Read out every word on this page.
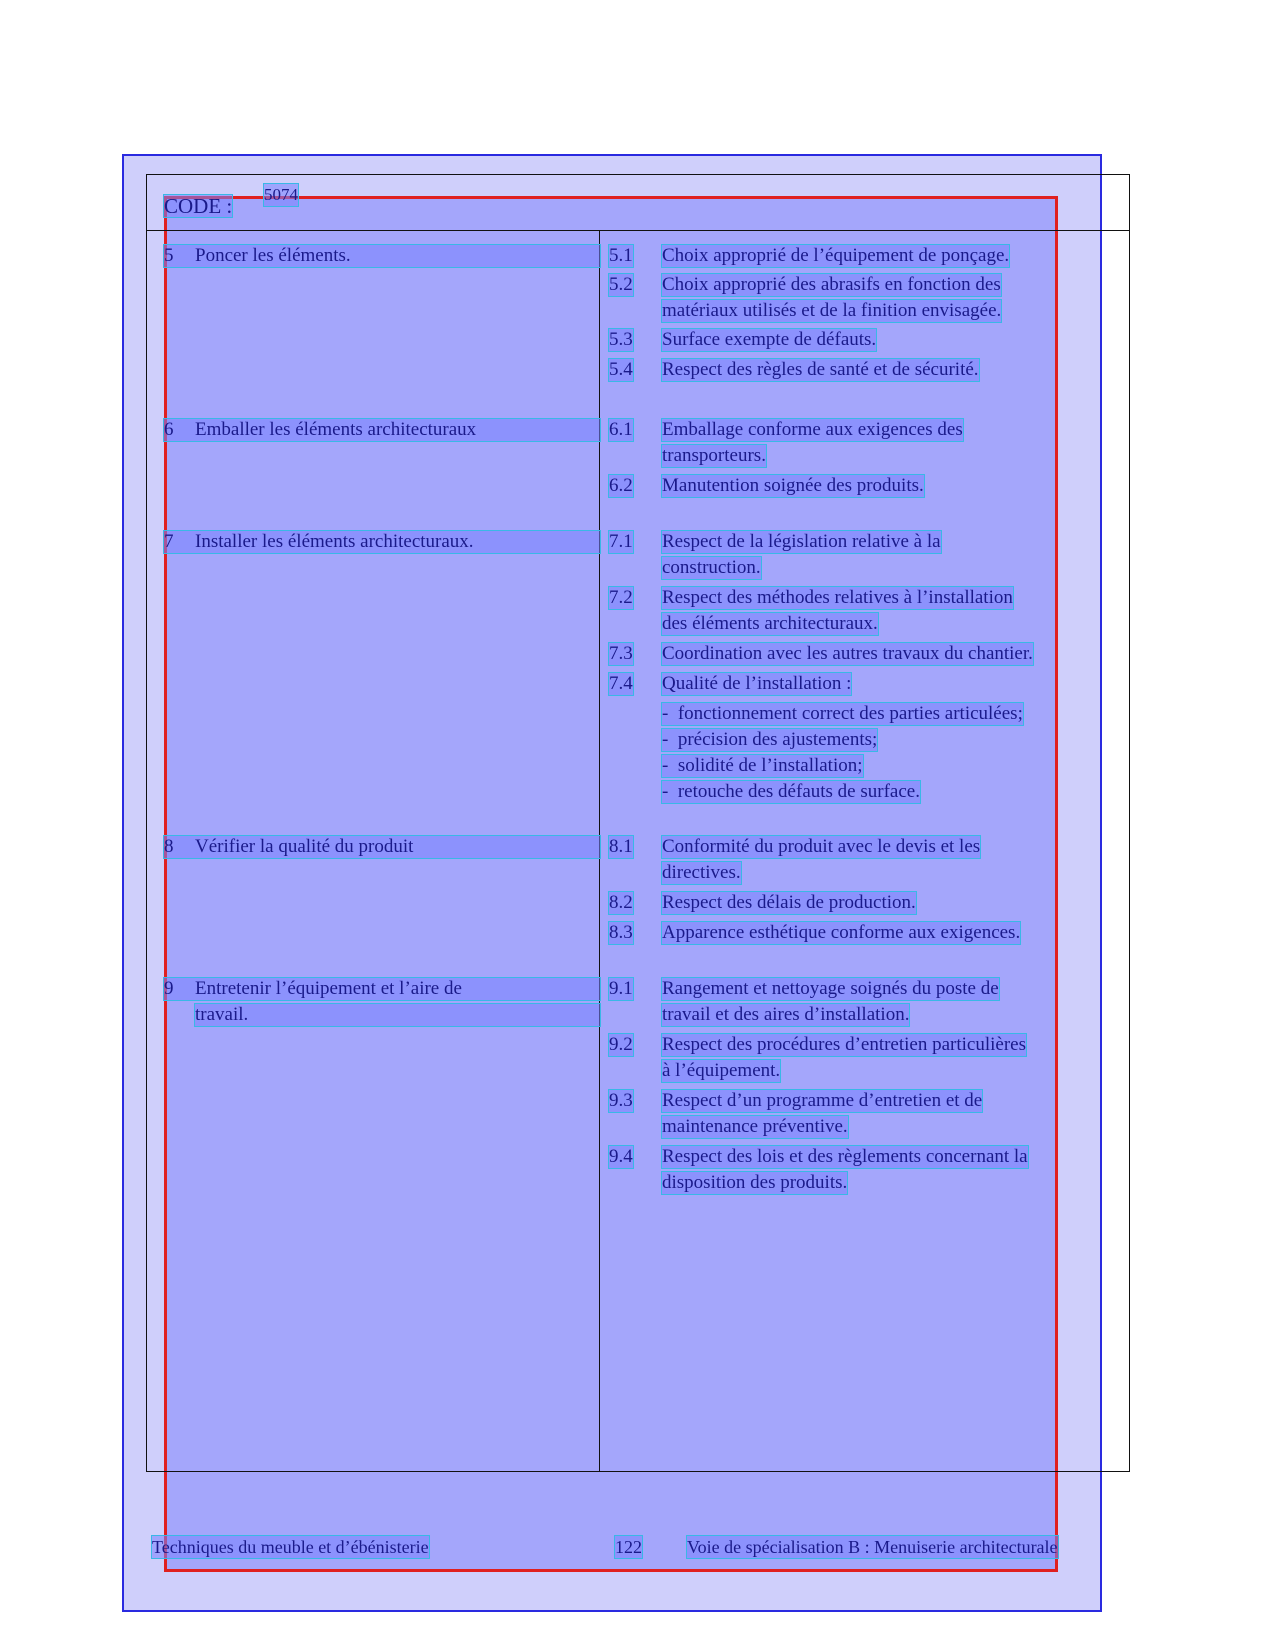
CODE : 5074
5 Poncer les éléments.	5.1 Choix approprié de l’équipement de ponçage.
5.2 Choix approprié des abrasifs en fonction des
matériaux utilisés et de la finition envisagée.
5.3 Surface exempte de défauts.
5.4 Respect des règles de santé et de sécurité.
6 Emballer les éléments architecturaux	6.1 Emballage conforme aux exigences des
transporteurs.
6.2 Manutention soignée des produits.
7 Installer les éléments architecturaux.	7.1 Respect de la législation relative à la
construction.
7.2 Respect des méthodes relatives à l’installation
des éléments architecturaux.
7.3 Coordination avec les autres travaux du chantier.
7.4 Qualité de l’installation :
-  fonctionnement correct des parties articulées;
-  précision des ajustements;
-  solidité de l’installation;
-  retouche des défauts de surface.
8 Vérifier la qualité du produit	8.1 Conformité du produit avec le devis et les
directives.
8.2 Respect des délais de production.
8.3 Apparence esthétique conforme aux exigences.
9 Entretenir l’équipement et l’aire de
travail.
9.1 Rangement et nettoyage soignés du poste de
travail et des aires d’installation.
9.2 Respect des procédures d’entretien particulières
à l’équipement.
9.3 Respect d’un programme d’entretien et de
maintenance préventive.
9.4 Respect des lois et des règlements concernant la
disposition des produits.
Techniques du meuble et d’ébénisterie	122	Voie de spécialisation B : Menuiserie architecturale
